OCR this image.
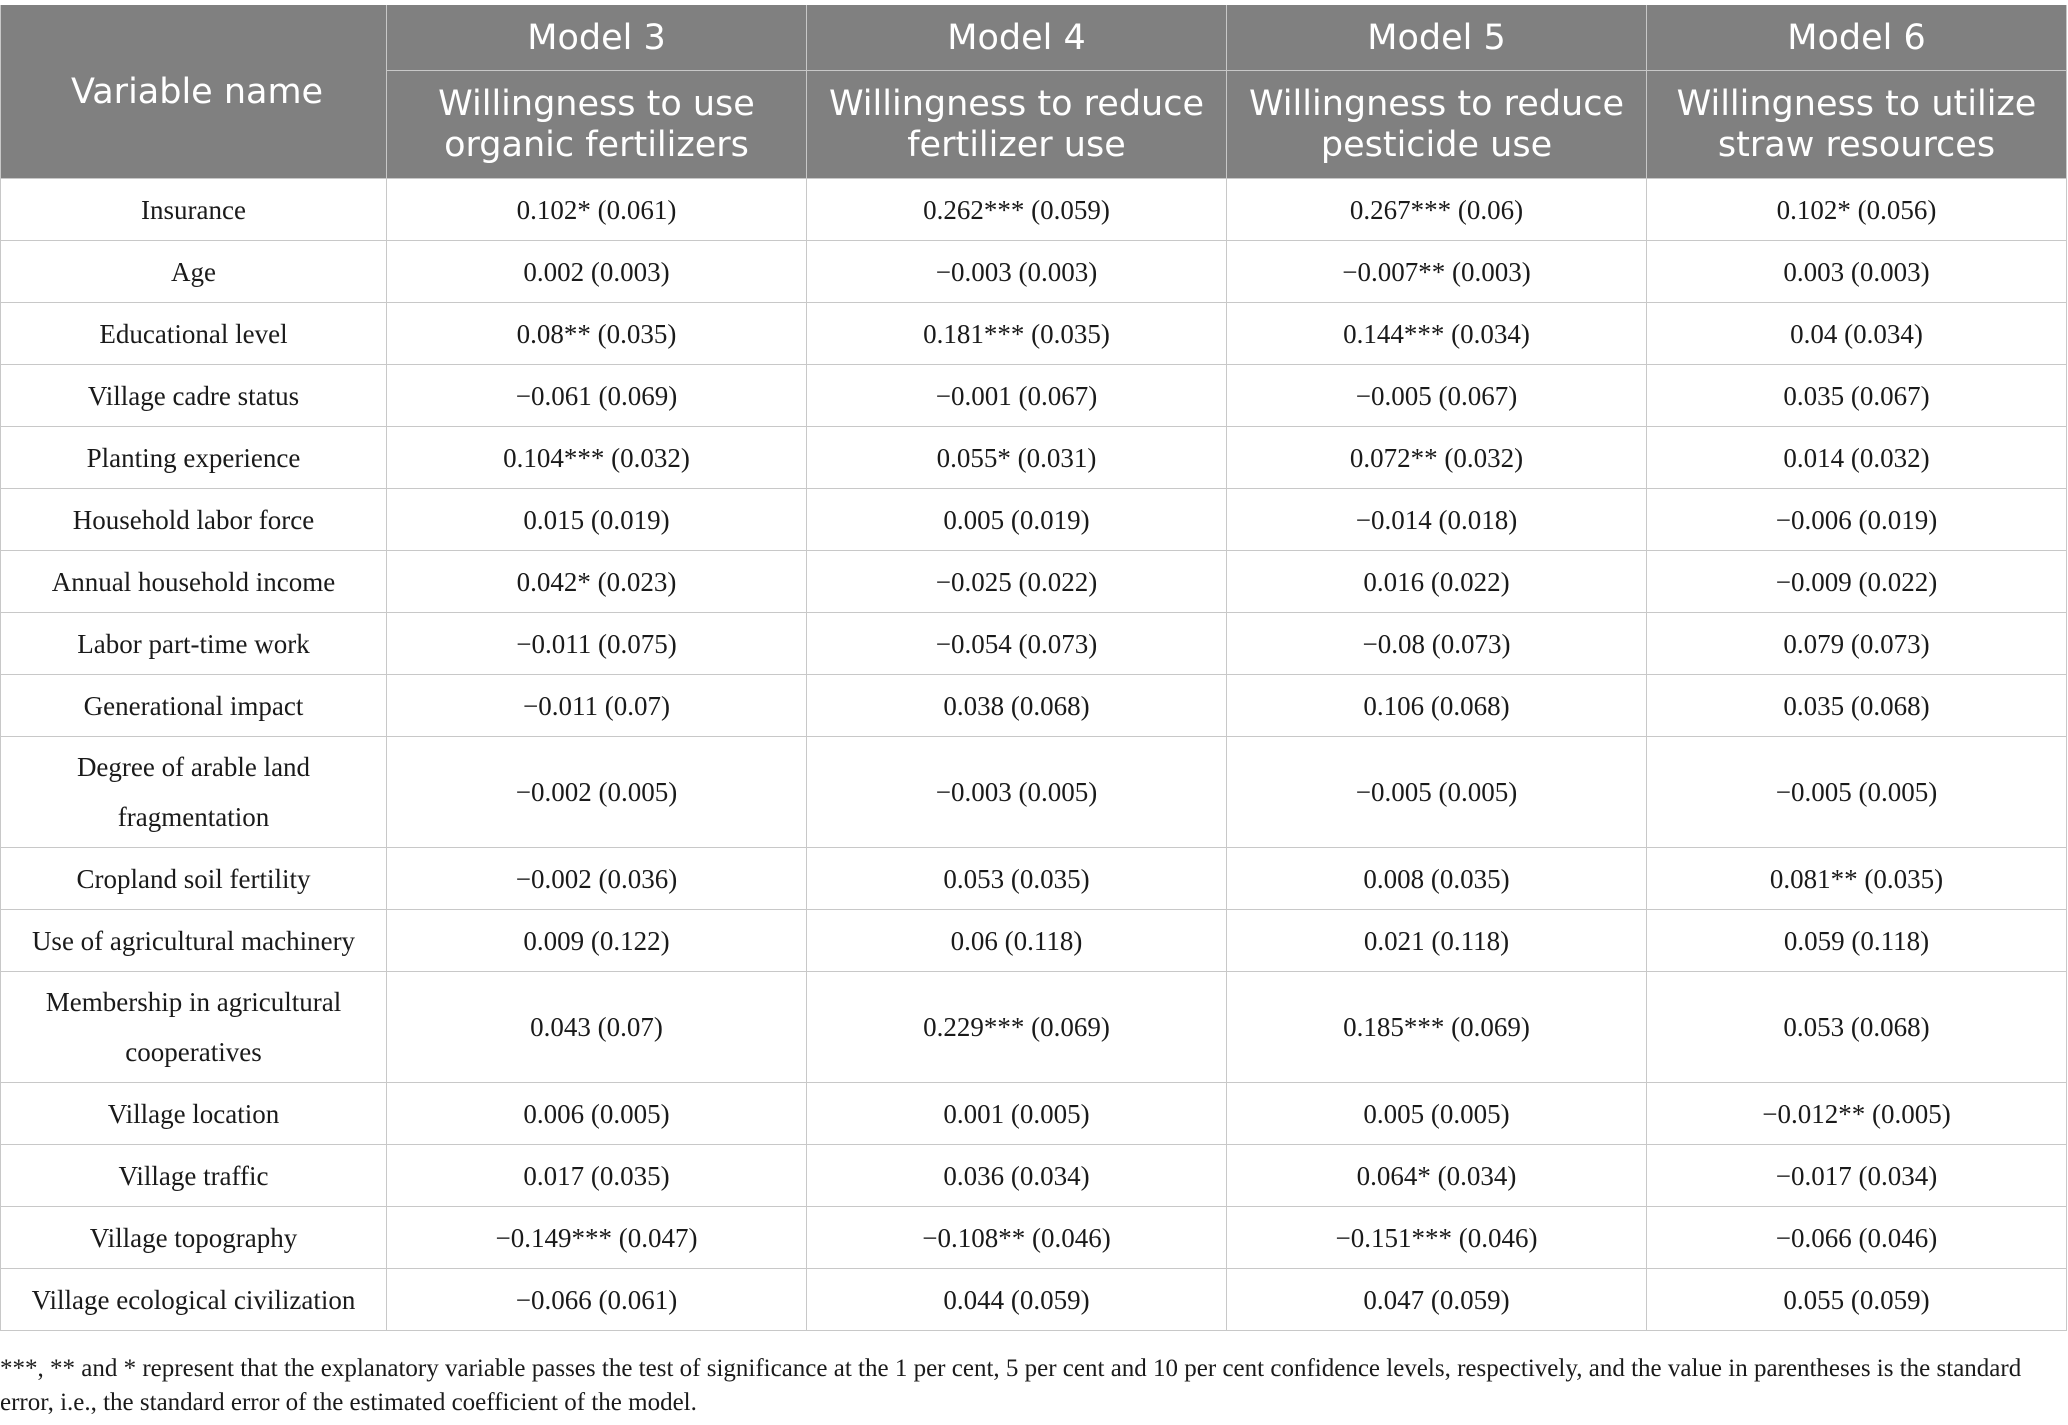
Variable name	Model 3	Model 4	Model 5	Model 6
	Willingness to use organic fertilizers	Willingness to reduce fertilizer use	Willingness to reduce pesticide use	Willingness to utilize straw resources
Insurance	0.102* (0.061)	0.262*** (0.059)	0.267*** (0.06)	0.102* (0.056)
Age	0.002 (0.003)	−0.003 (0.003)	−0.007** (0.003)	0.003 (0.003)
Educational level	0.08** (0.035)	0.181*** (0.035)	0.144*** (0.034)	0.04 (0.034)
Village cadre status	−0.061 (0.069)	−0.001 (0.067)	−0.005 (0.067)	0.035 (0.067)
Planting experience	0.104*** (0.032)	0.055* (0.031)	0.072** (0.032)	0.014 (0.032)
Household labor force	0.015 (0.019)	0.005 (0.019)	−0.014 (0.018)	−0.006 (0.019)
Annual household income	0.042* (0.023)	−0.025 (0.022)	0.016 (0.022)	−0.009 (0.022)
Labor part-time work	−0.011 (0.075)	−0.054 (0.073)	−0.08 (0.073)	0.079 (0.073)
Generational impact	−0.011 (0.07)	0.038 (0.068)	0.106 (0.068)	0.035 (0.068)
Degree of arable land fragmentation	−0.002 (0.005)	−0.003 (0.005)	−0.005 (0.005)	−0.005 (0.005)
Cropland soil fertility	−0.002 (0.036)	0.053 (0.035)	0.008 (0.035)	0.081** (0.035)
Use of agricultural machinery	0.009 (0.122)	0.06 (0.118)	0.021 (0.118)	0.059 (0.118)
Membership in agricultural cooperatives	0.043 (0.07)	0.229*** (0.069)	0.185*** (0.069)	0.053 (0.068)
Village location	0.006 (0.005)	0.001 (0.005)	0.005 (0.005)	−0.012** (0.005)
Village traffic	0.017 (0.035)	0.036 (0.034)	0.064* (0.034)	−0.017 (0.034)
Village topography	−0.149*** (0.047)	−0.108** (0.046)	−0.151*** (0.046)	−0.066 (0.046)
Village ecological civilization	−0.066 (0.061)	0.044 (0.059)	0.047 (0.059)	0.055 (0.059)
***, ** and * represent that the explanatory variable passes the test of significance at the 1 per cent, 5 per cent and 10 per cent confidence levels, respectively, and the value in parentheses is the standard error, i.e., the standard error of the estimated coefficient of the model.
